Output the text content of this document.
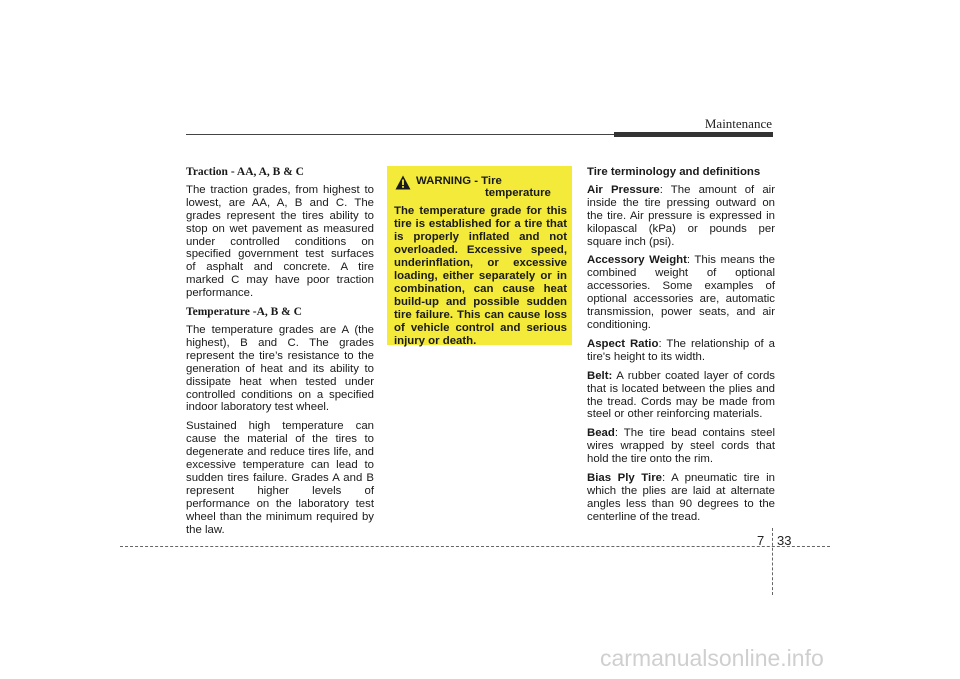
Maintenance
Traction - AA, A, B & C

The traction grades, from highest to lowest, are AA, A, B and C. The grades represent the tires ability to stop on wet pavement as measured under controlled conditions on specified government test surfaces of asphalt and concrete. A tire marked C may have poor traction performance.

Temperature -A, B & C

The temperature grades are A (the highest), B and C. The grades represent the tire’s resistance to the generation of heat and its ability to dissipate heat when tested under controlled conditions on a specified indoor laboratory test wheel.

Sustained high temperature can cause the material of the tires to degenerate and reduce tires life, and excessive temperature can lead to sudden tires failure. Grades A and B represent higher levels of performance on the laboratory test wheel than the minimum required by the law.

WARNING - Tire
temperature
The temperature grade for this tire is established for a tire that is properly inflated and not overloaded. Excessive speed, underinflation, or excessive loading, either separately or in combination, can cause heat build-up and possible sudden tire failure. This can cause loss of vehicle control and serious injury or death.
Tire terminology and definitions

Air Pressure: The amount of air inside the tire pressing outward on the tire. Air pressure is expressed in kilopascal (kPa) or pounds per square inch (psi).

Accessory Weight: This means the combined weight of optional accessories. Some examples of optional accessories are, automatic transmission, power seats, and air conditioning.

Aspect Ratio: The relationship of a tire's height to its width.

Belt: A rubber coated layer of cords that is located between the plies and the tread. Cords may be made from steel or other reinforcing materials.

Bead: The tire bead contains steel wires wrapped by steel cords that hold the tire onto the rim.

Bias Ply Tire: A pneumatic tire in which the plies are laid at alternate angles less than 90 degrees to the centerline of the tread.

7 33
carmanualsonline.info
